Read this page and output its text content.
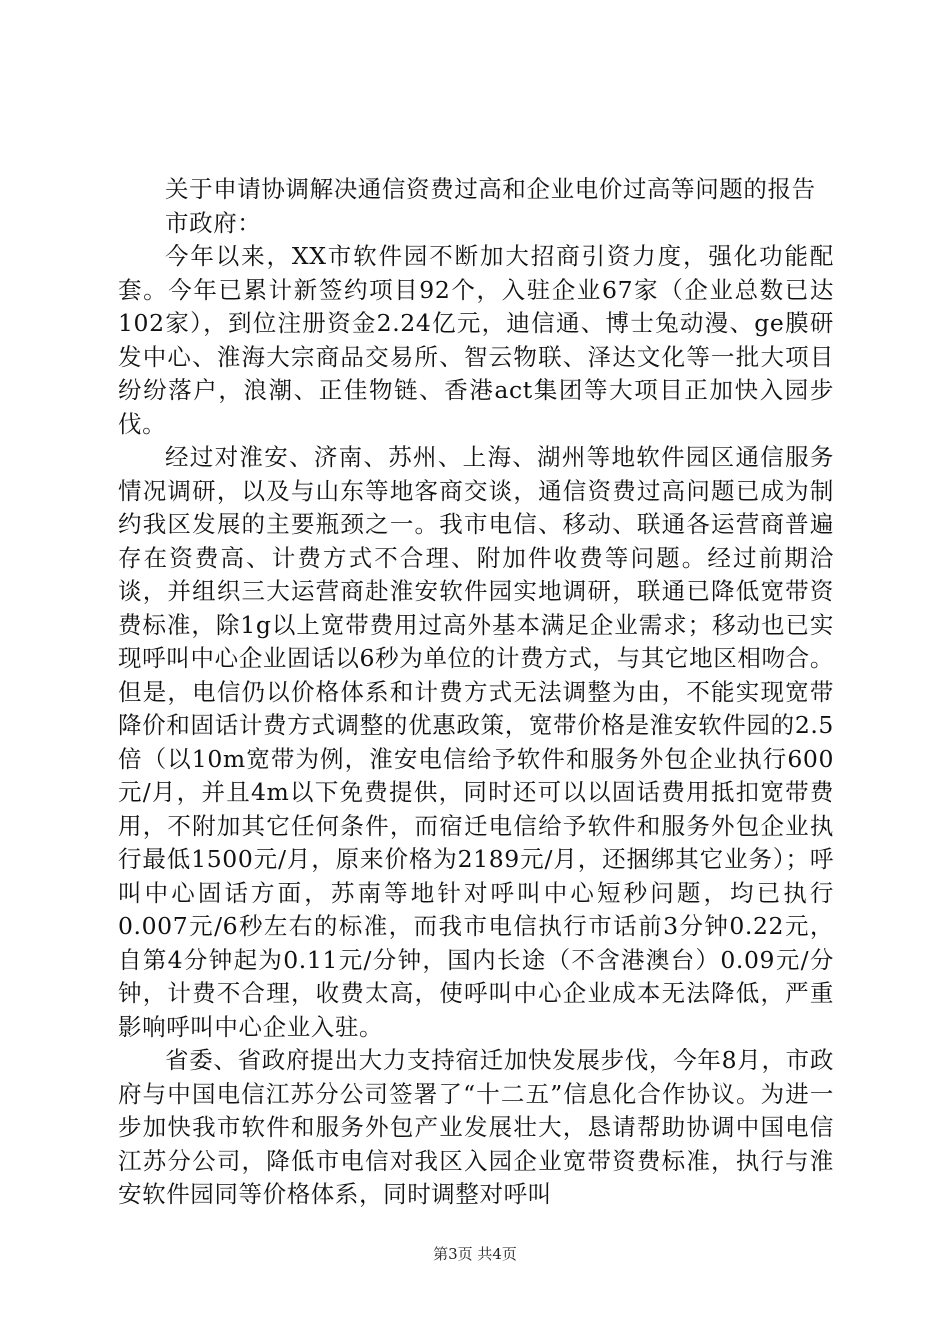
关于申请协调解决通信资费过高和企业电价过高等问题的报告

市政府：

今年以来，XX市软件园不断加大招商引资力度，强化功能配套。今年已累计新签约项目92个，入驻企业67家（企业总数已达102家），到位注册资金2.24亿元，迪信通、博士兔动漫、ge膜研发中心、淮海大宗商品交易所、智云物联、泽达文化等一批大项目纷纷落户，浪潮、正佳物链、香港act集团等大项目正加快入园步伐。

经过对淮安、济南、苏州、上海、湖州等地软件园区通信服务情况调研，以及与山东等地客商交谈，通信资费过高问题已成为制约我区发展的主要瓶颈之一。我市电信、移动、联通各运营商普遍存在资费高、计费方式不合理、附加件收费等问题。经过前期洽谈，并组织三大运营商赴淮安软件园实地调研，联通已降低宽带资费标准，除1g以上宽带费用过高外基本满足企业需求；移动也已实现呼叫中心企业固话以6秒为单位的计费方式，与其它地区相吻合。但是，电信仍以价格体系和计费方式无法调整为由，不能实现宽带降价和固话计费方式调整的优惠政策，宽带价格是淮安软件园的2.5倍（以10m宽带为例，淮安电信给予软件和服务外包企业执行600元/月，并且4m以下免费提供，同时还可以以固话费用抵扣宽带费用，不附加其它任何条件，而宿迁电信给予软件和服务外包企业执行最低1500元/月，原来价格为2189元/月，还捆绑其它业务）；呼叫中心固话方面，苏南等地针对呼叫中心短秒问题，均已执行0.007元/6秒左右的标准，而我市电信执行市话前3分钟0.22元，自第4分钟起为0.11元/分钟，国内长途（不含港澳台）0.09元/分钟，计费不合理，收费太高，使呼叫中心企业成本无法降低，严重影响呼叫中心企业入驻。

省委、省政府提出大力支持宿迁加快发展步伐，今年8月，市政府与中国电信江苏分公司签署了“十二五”信息化合作协议。为进一步加快我市软件和服务外包产业发展壮大，恳请帮助协调中国电信江苏分公司，降低市电信对我区入园企业宽带资费标准，执行与淮安软件园同等价格体系，同时调整对呼叫

第3页 共4页
